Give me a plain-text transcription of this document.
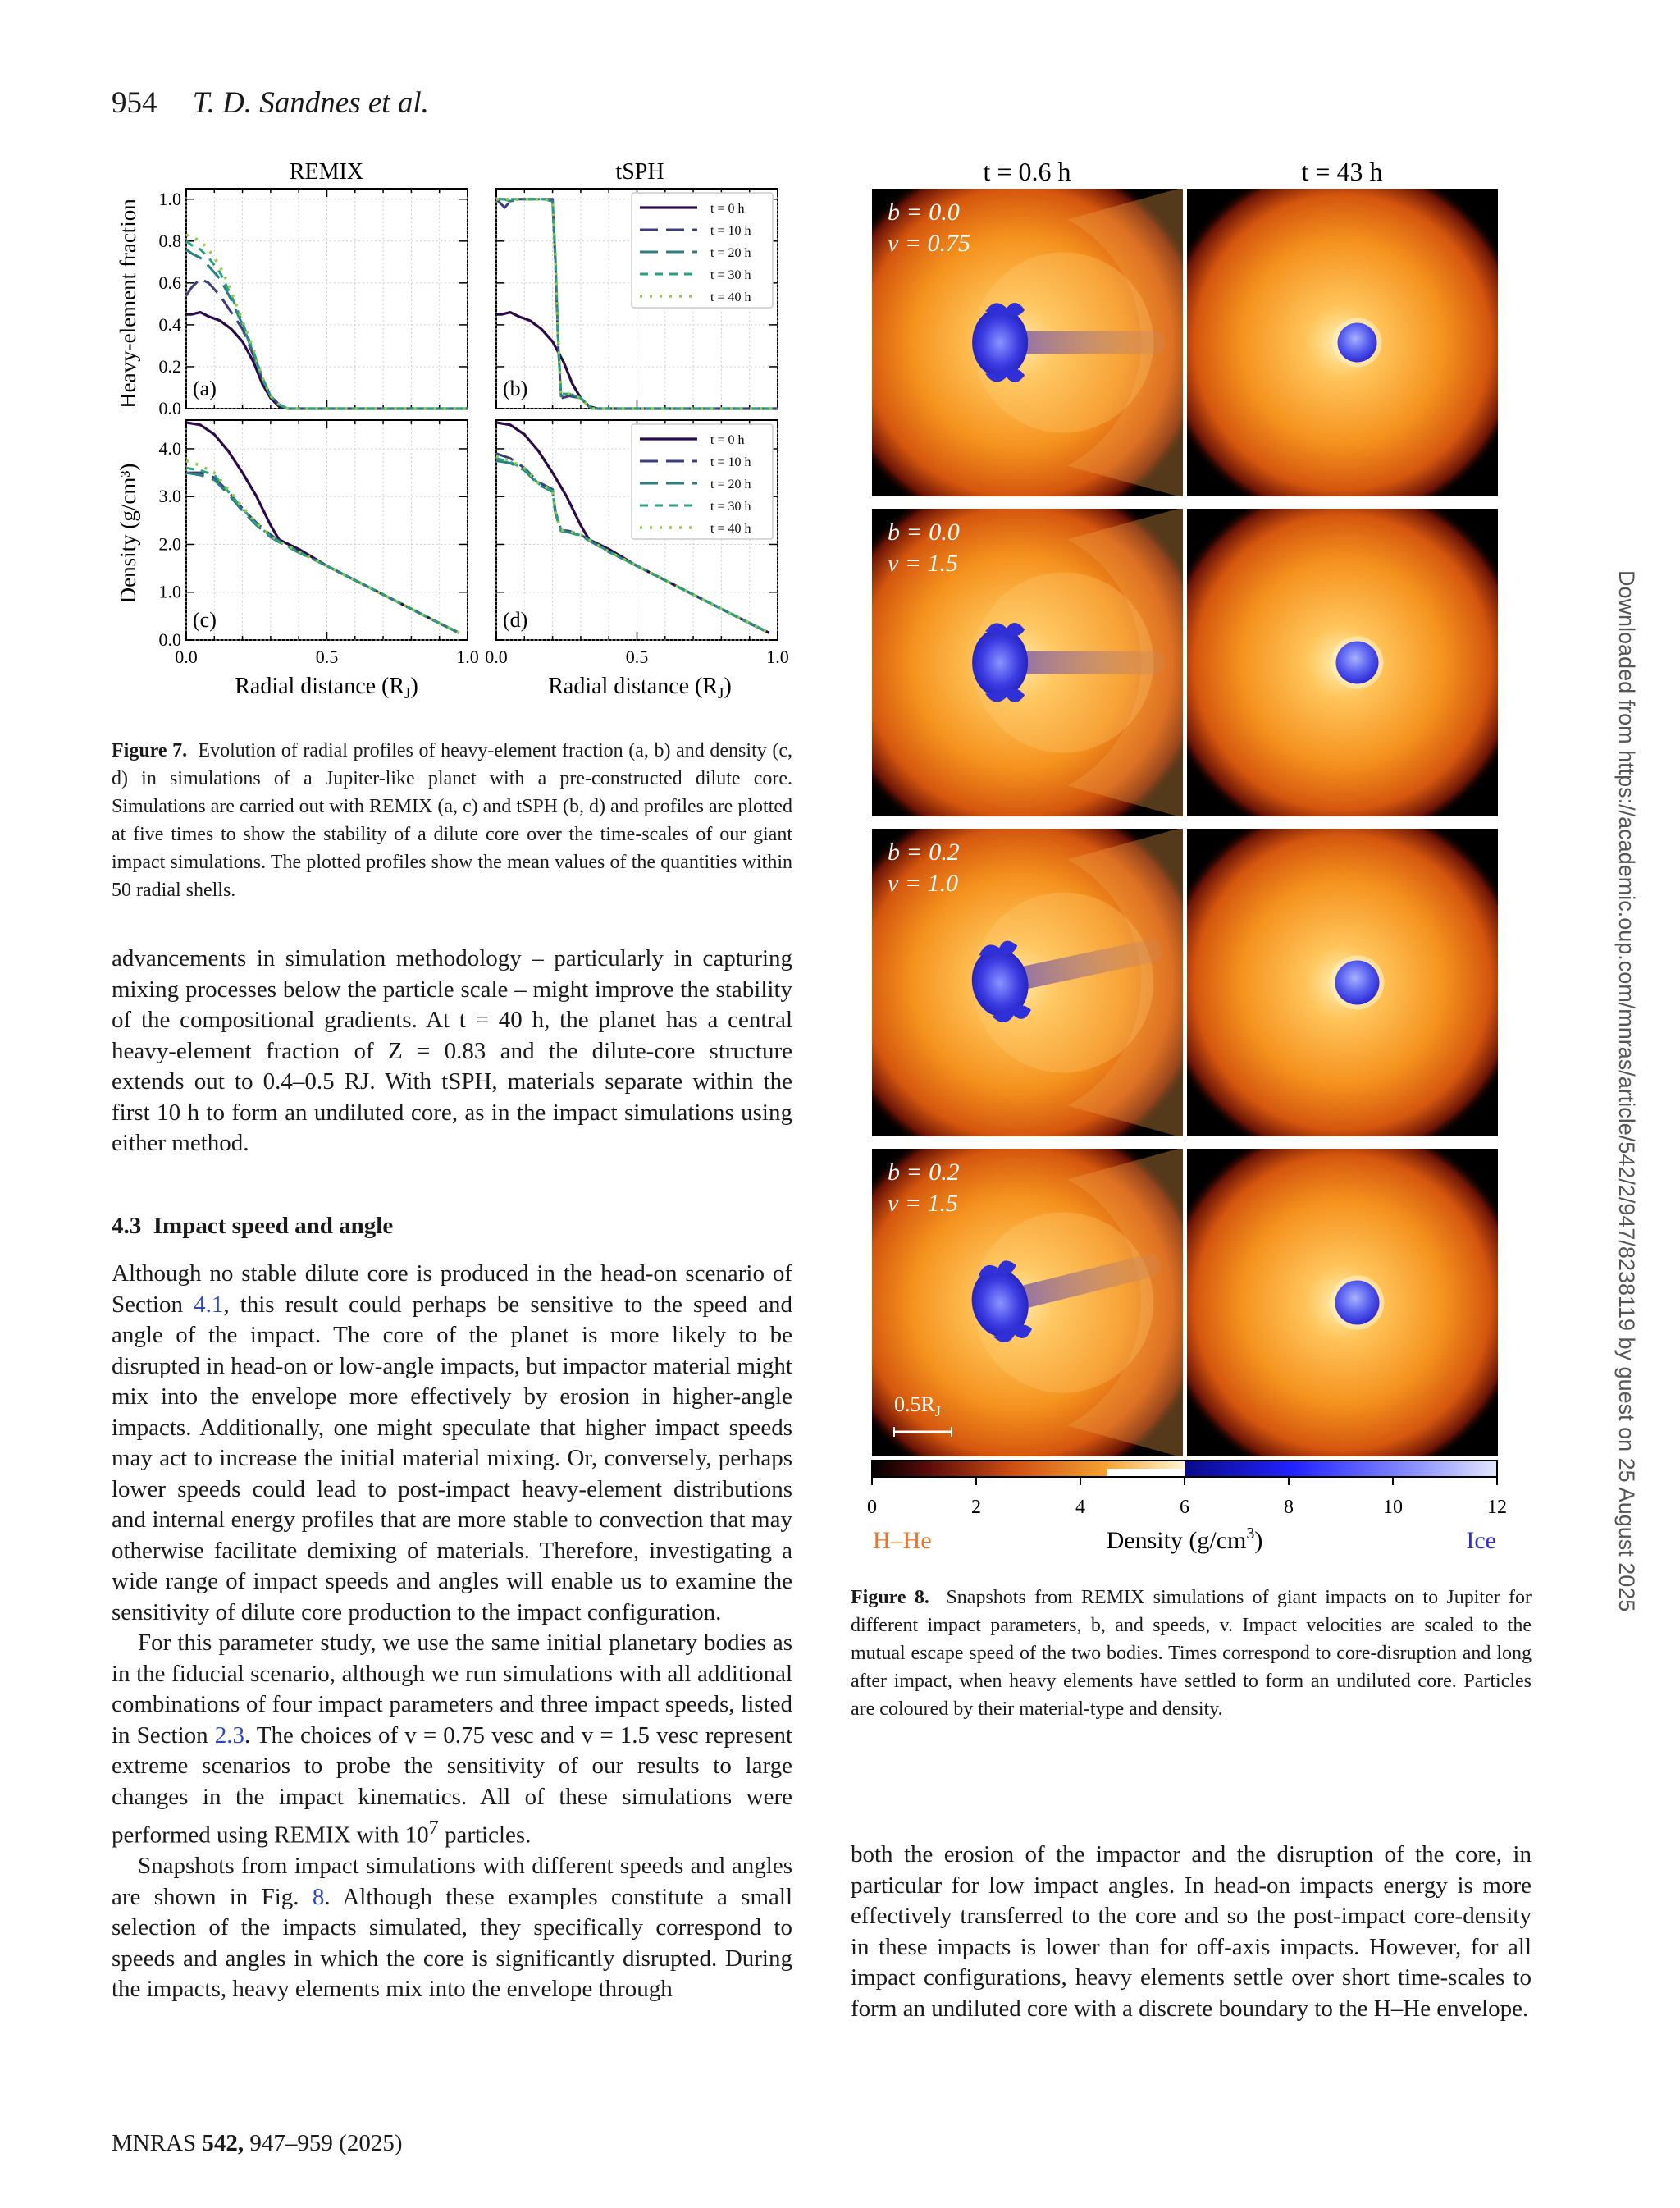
954 T. D. Sandnes et al.
Downloaded from https://academic.oup.com/mnras/article/542/2/947/8238119 by guest on 25 August 2025
REMIX	tSPH
Heavy-element fraction
Density (g/cm³)
Radial distance $(R_J)$	Radial distance $(R_J)$
0.0
0.2
0.4
0.6
0.8
1.0
(a)	(b)
t = 0 h
t = 10 h
t = 20 h
t = 30 h
t = 40 h
0.0
1.0
2.0
3.0
4.0
0.0	0.5	1.0
(c)
0.0	0.5	1.0
(d)
t = 0 h
t = 10 h
t = 20 h
t = 30 h
t = 40 h
Figure 7. Evolution of radial profiles of heavy-element fraction (a, b) and density (c, d) in simulations of a Jupiter-like planet with a pre-constructed dilute core. Simulations are carried out with REMIX (a, c) and tSPH (b, d) and profiles are plotted at five times to show the stability of a dilute core over the time-scales of our giant impact simulations. The plotted profiles show the mean values of the quantities within 50 radial shells.

advancements in simulation methodology – particularly in capturing mixing processes below the particle scale – might improve the stability of the compositional gradients. At t = 40 h, the planet has a central heavy-element fraction of Z = 0.83 and the dilute-core structure extends out to 0.4–0.5 RJ. With tSPH, materials separate within the first 10 h to form an undiluted core, as in the impact simulations using either method.

4.3 Impact speed and angle

Although no stable dilute core is produced in the head-on scenario of Section 4.1, this result could perhaps be sensitive to the speed and angle of the impact. The core of the planet is more likely to be disrupted in head-on or low-angle impacts, but impactor material might mix into the envelope more effectively by erosion in higher-angle impacts. Additionally, one might speculate that higher impact speeds may act to increase the initial material mixing. Or, conversely, perhaps lower speeds could lead to post-impact heavy-element distributions and internal energy profiles that are more stable to convection that may otherwise facilitate demixing of materials. Therefore, investigating a wide range of impact speeds and angles will enable us to examine the sensitivity of dilute core production to the impact configuration.

For this parameter study, we use the same initial planetary bodies as in the fiducial scenario, although we run simulations with all additional combinations of four impact parameters and three impact speeds, listed in Section 2.3. The choices of v = 0.75 vesc and v = 1.5 vesc represent extreme scenarios to probe the sensitivity of our results to large changes in the impact kinematics. All of these simulations were performed using REMIX with $10^7$ particles.

Snapshots from impact simulations with different speeds and angles are shown in Fig. 8. Although these examples constitute a small selection of the impacts simulated, they specifically correspond to speeds and angles in which the core is significantly disrupted. During the impacts, heavy elements mix into the envelope through

t = 0.6 h	t = 43 h
b = 0.0
v = 0.75
b = 0.0
v = 1.5
b = 0.2
v = 1.0
b = 0.2
v = 1.5
$0.5R_J$
0	2	4	6	8	10	12
H–He	Density $(g/cm^3)$	Ice
Figure 8. Snapshots from REMIX simulations of giant impacts on to Jupiter for different impact parameters, b, and speeds, v. Impact velocities are scaled to the mutual escape speed of the two bodies. Times correspond to core-disruption and long after impact, when heavy elements have settled to form an undiluted core. Particles are coloured by their material-type and density.

both the erosion of the impactor and the disruption of the core, in particular for low impact angles. In head-on impacts energy is more effectively transferred to the core and so the post-impact core-density in these impacts is lower than for off-axis impacts. However, for all impact configurations, heavy elements settle over short time-scales to form an undiluted core with a discrete boundary to the H–He envelope.

MNRAS 542, 947–959 (2025)
